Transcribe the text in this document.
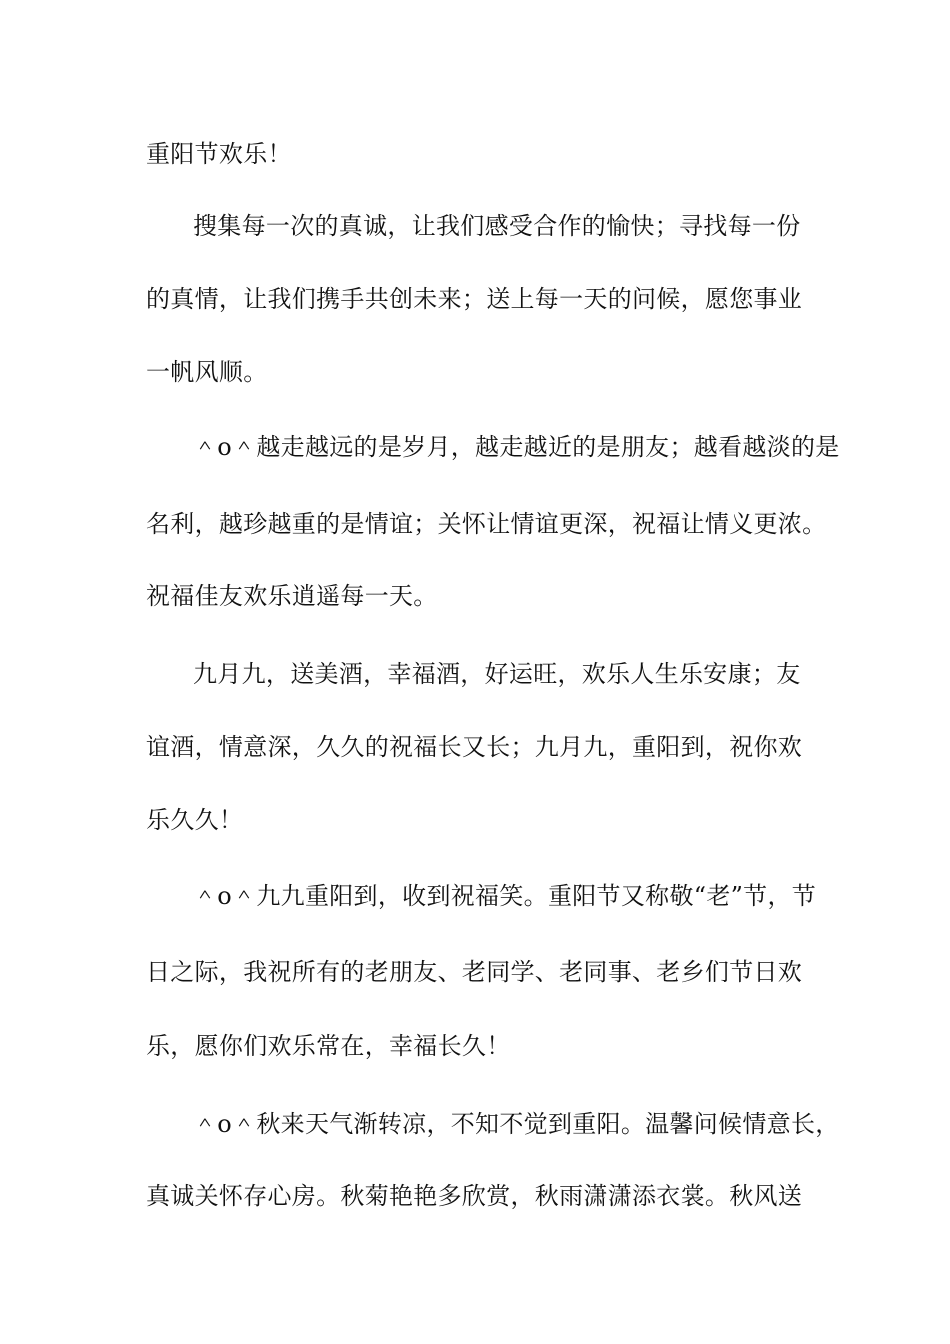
重阳节欢乐！
搜集每一次的真诚，让我们感受合作的愉快；寻找每一份
的真情，让我们携手共创未来；送上每一天的问候，愿您事业
一帆风顺。
＾o＾越走越远的是岁月，越走越近的是朋友；越看越淡的是
名利，越珍越重的是情谊；关怀让情谊更深，祝福让情义更浓。
祝福佳友欢乐逍遥每一天。
九月九，送美酒，幸福酒，好运旺，欢乐人生乐安康；友
谊酒，情意深，久久的祝福长又长；九月九，重阳到，祝你欢
乐久久！
＾o＾九九重阳到，收到祝福笑。重阳节又称敬“老”节，节
日之际，我祝所有的老朋友、老同学、老同事、老乡们节日欢
乐，愿你们欢乐常在，幸福长久！
＾o＾秋来天气渐转凉，不知不觉到重阳。温馨问候情意长，
真诚关怀存心房。秋菊艳艳多欣赏，秋雨潇潇添衣裳。秋风送
